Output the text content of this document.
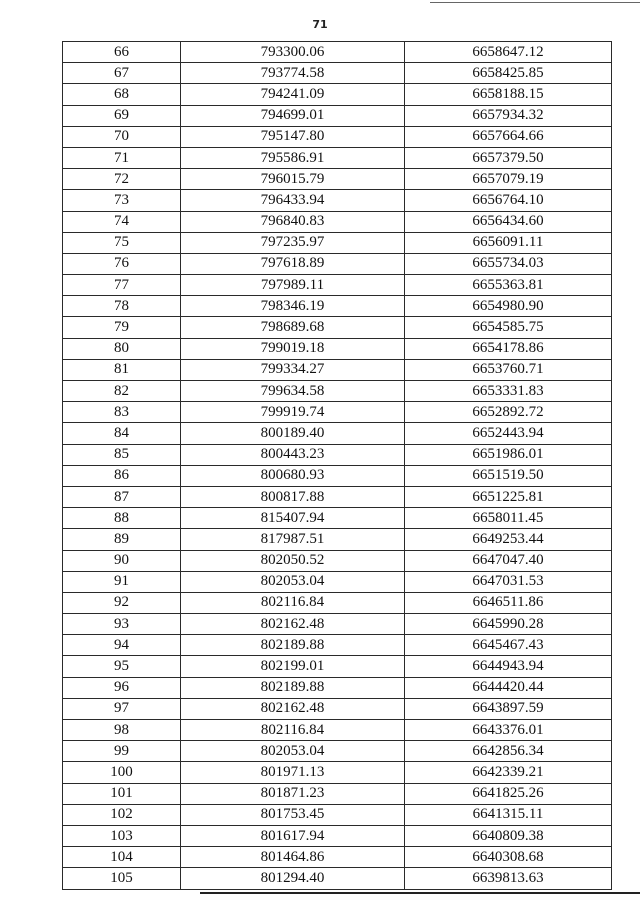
71
66	793300.06	6658647.12
67	793774.58	6658425.85
68	794241.09	6658188.15
69	794699.01	6657934.32
70	795147.80	6657664.66
71	795586.91	6657379.50
72	796015.79	6657079.19
73	796433.94	6656764.10
74	796840.83	6656434.60
75	797235.97	6656091.11
76	797618.89	6655734.03
77	797989.11	6655363.81
78	798346.19	6654980.90
79	798689.68	6654585.75
80	799019.18	6654178.86
81	799334.27	6653760.71
82	799634.58	6653331.83
83	799919.74	6652892.72
84	800189.40	6652443.94
85	800443.23	6651986.01
86	800680.93	6651519.50
87	800817.88	6651225.81
88	815407.94	6658011.45
89	817987.51	6649253.44
90	802050.52	6647047.40
91	802053.04	6647031.53
92	802116.84	6646511.86
93	802162.48	6645990.28
94	802189.88	6645467.43
95	802199.01	6644943.94
96	802189.88	6644420.44
97	802162.48	6643897.59
98	802116.84	6643376.01
99	802053.04	6642856.34
100	801971.13	6642339.21
101	801871.23	6641825.26
102	801753.45	6641315.11
103	801617.94	6640809.38
104	801464.86	6640308.68
105	801294.40	6639813.63
